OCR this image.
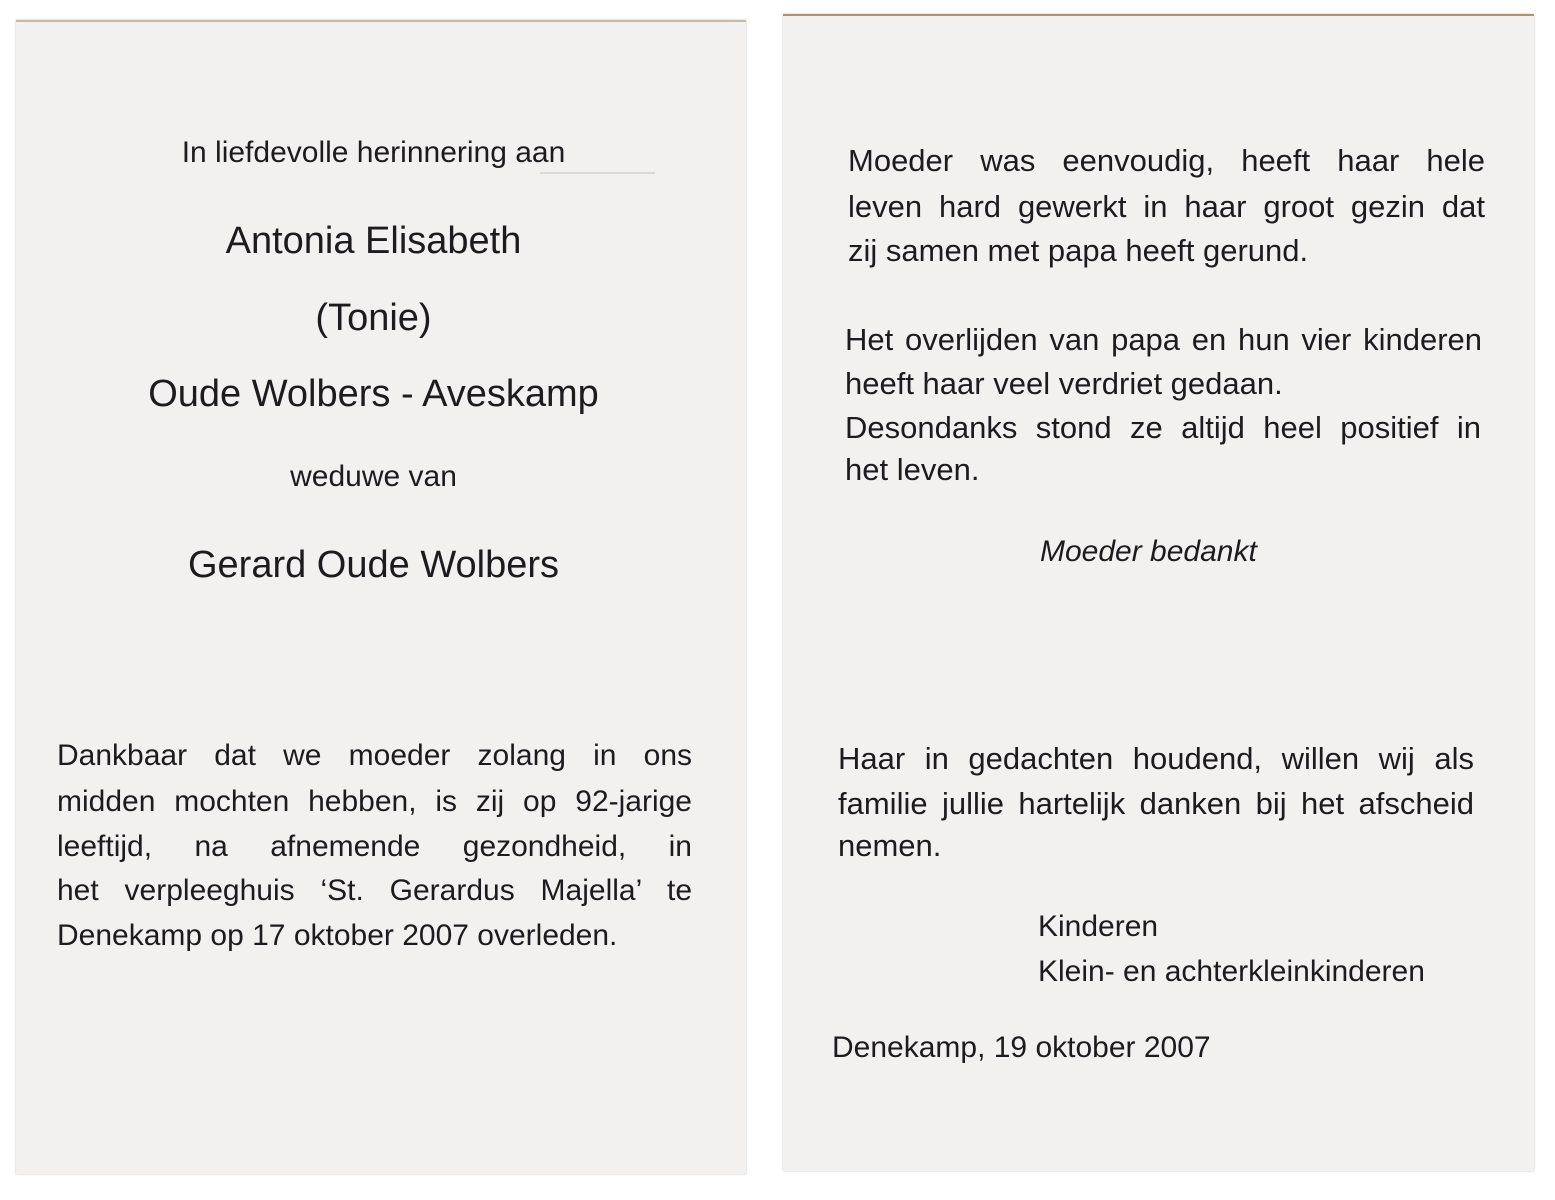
In liefdevolle herinnering aan
Antonia Elisabeth
(Tonie)
Oude Wolbers - Aveskamp
weduwe van
Gerard Oude Wolbers
Dankbaar dat we moeder zolang in ons
midden mochten hebben, is zij op 92-jarige
leeftijd, na afnemende gezondheid, in
het verpleeghuis ‘St. Gerardus Majella’ te
Denekamp op 17 oktober 2007 overleden.
Moeder was eenvoudig, heeft haar hele
leven hard gewerkt in haar groot gezin dat
zij samen met papa heeft gerund.
Het overlijden van papa en hun vier kinderen
heeft haar veel verdriet gedaan.
Desondanks stond ze altijd heel positief in
het leven.
Moeder bedankt
Haar in gedachten houdend, willen wij als
familie jullie hartelijk danken bij het afscheid
nemen.
Kinderen
Klein- en achterkleinkinderen
Denekamp, 19 oktober 2007
